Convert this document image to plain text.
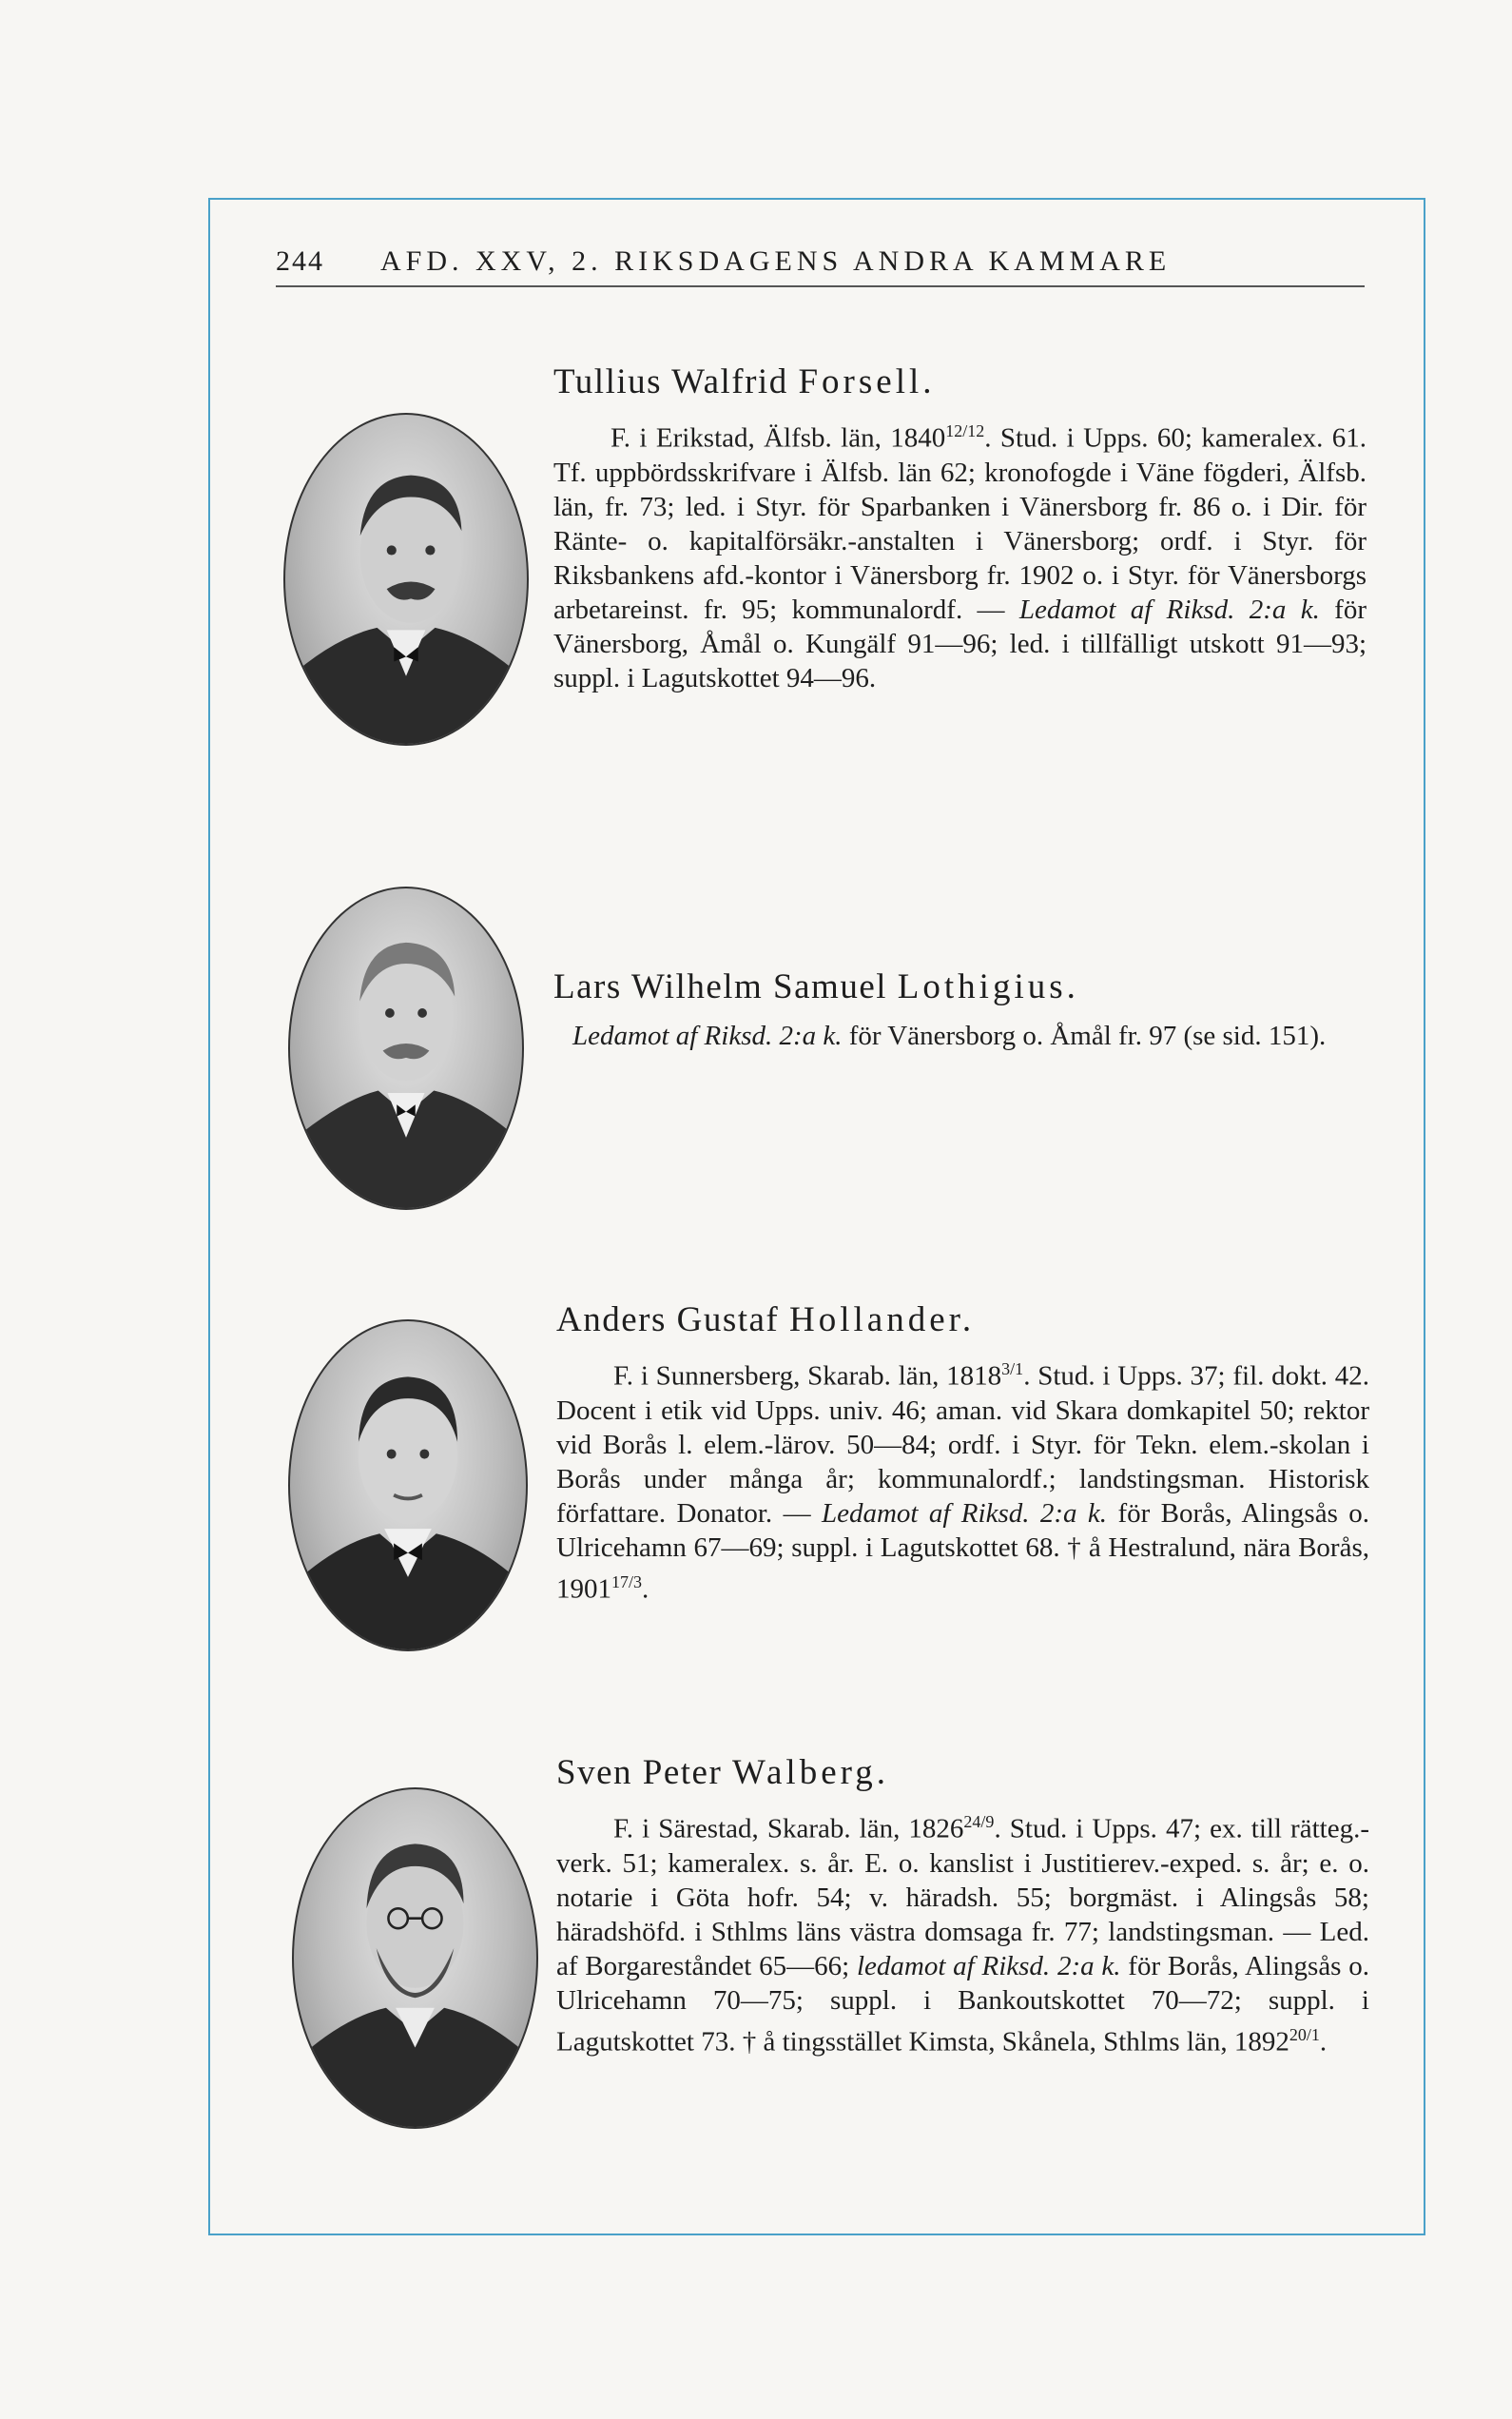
244 AFD. XXV, 2. RIKSDAGENS ANDRA KAMMARE
Tullius Walfrid Forsell.

F. i Erikstad, Älfsb. län, $1840^{12/12}$. Stud. i Upps. 60; kameralex. 61. Tf. uppbördsskrifvare i Älfsb. län 62; kronofogde i Väne fögderi, Älfsb. län, fr. 73; led. i Styr. för Sparbanken i Vänersborg fr. 86 o. i Dir. för Ränte- o. kapitalförsäkr.-anstalten i Vänersborg; ordf. i Styr. för Riksbankens afd.-kontor i Vänersborg fr. 1902 o. i Styr. för Vänersborgs arbetareinst. fr. 95; kommunalordf. — Ledamot af Riksd. 2:a k. för Vänersborg, Åmål o. Kungälf 91—96; led. i tillfälligt utskott 91—93; suppl. i Lagutskottet 94—96.

Lars Wilhelm Samuel Lothigius.

Ledamot af Riksd. 2:a k. för Vänersborg o. Åmål fr. 97 (se sid. 151).

Anders Gustaf Hollander.

F. i Sunnersberg, Skarab. län, $1818^{3/1}$. Stud. i Upps. 37; fil. dokt. 42. Docent i etik vid Upps. univ. 46; aman. vid Skara domkapitel 50; rektor vid Borås l. elem.-lärov. 50—84; ordf. i Styr. för Tekn. elem.-skolan i Borås under många år; kommunalordf.; landstingsman. Historisk författare. Donator. — Ledamot af Riksd. 2:a k. för Borås, Alingsås o. Ulricehamn 67—69; suppl. i Lagutskottet 68. † å Hestralund, nära Borås, $1901^{17/3}$.

Sven Peter Walberg.

F. i Särestad, Skarab. län, $1826^{24/9}$. Stud. i Upps. 47; ex. till rätteg.-verk. 51; kameralex. s. år. E. o. kanslist i Justitierev.-exped. s. år; e. o. notarie i Göta hofr. 54; v. häradsh. 55; borgmäst. i Alingsås 58; häradshöfd. i Sthlms läns västra domsaga fr. 77; landstingsman. — Led. af Borgareståndet 65—66; ledamot af Riksd. 2:a k. för Borås, Alingsås o. Ulricehamn 70—75; suppl. i Bankoutskottet 70—72; suppl. i Lagutskottet 73. † å tingsstället Kimsta, Skånela, Sthlms län, $1892^{20/1}$.
